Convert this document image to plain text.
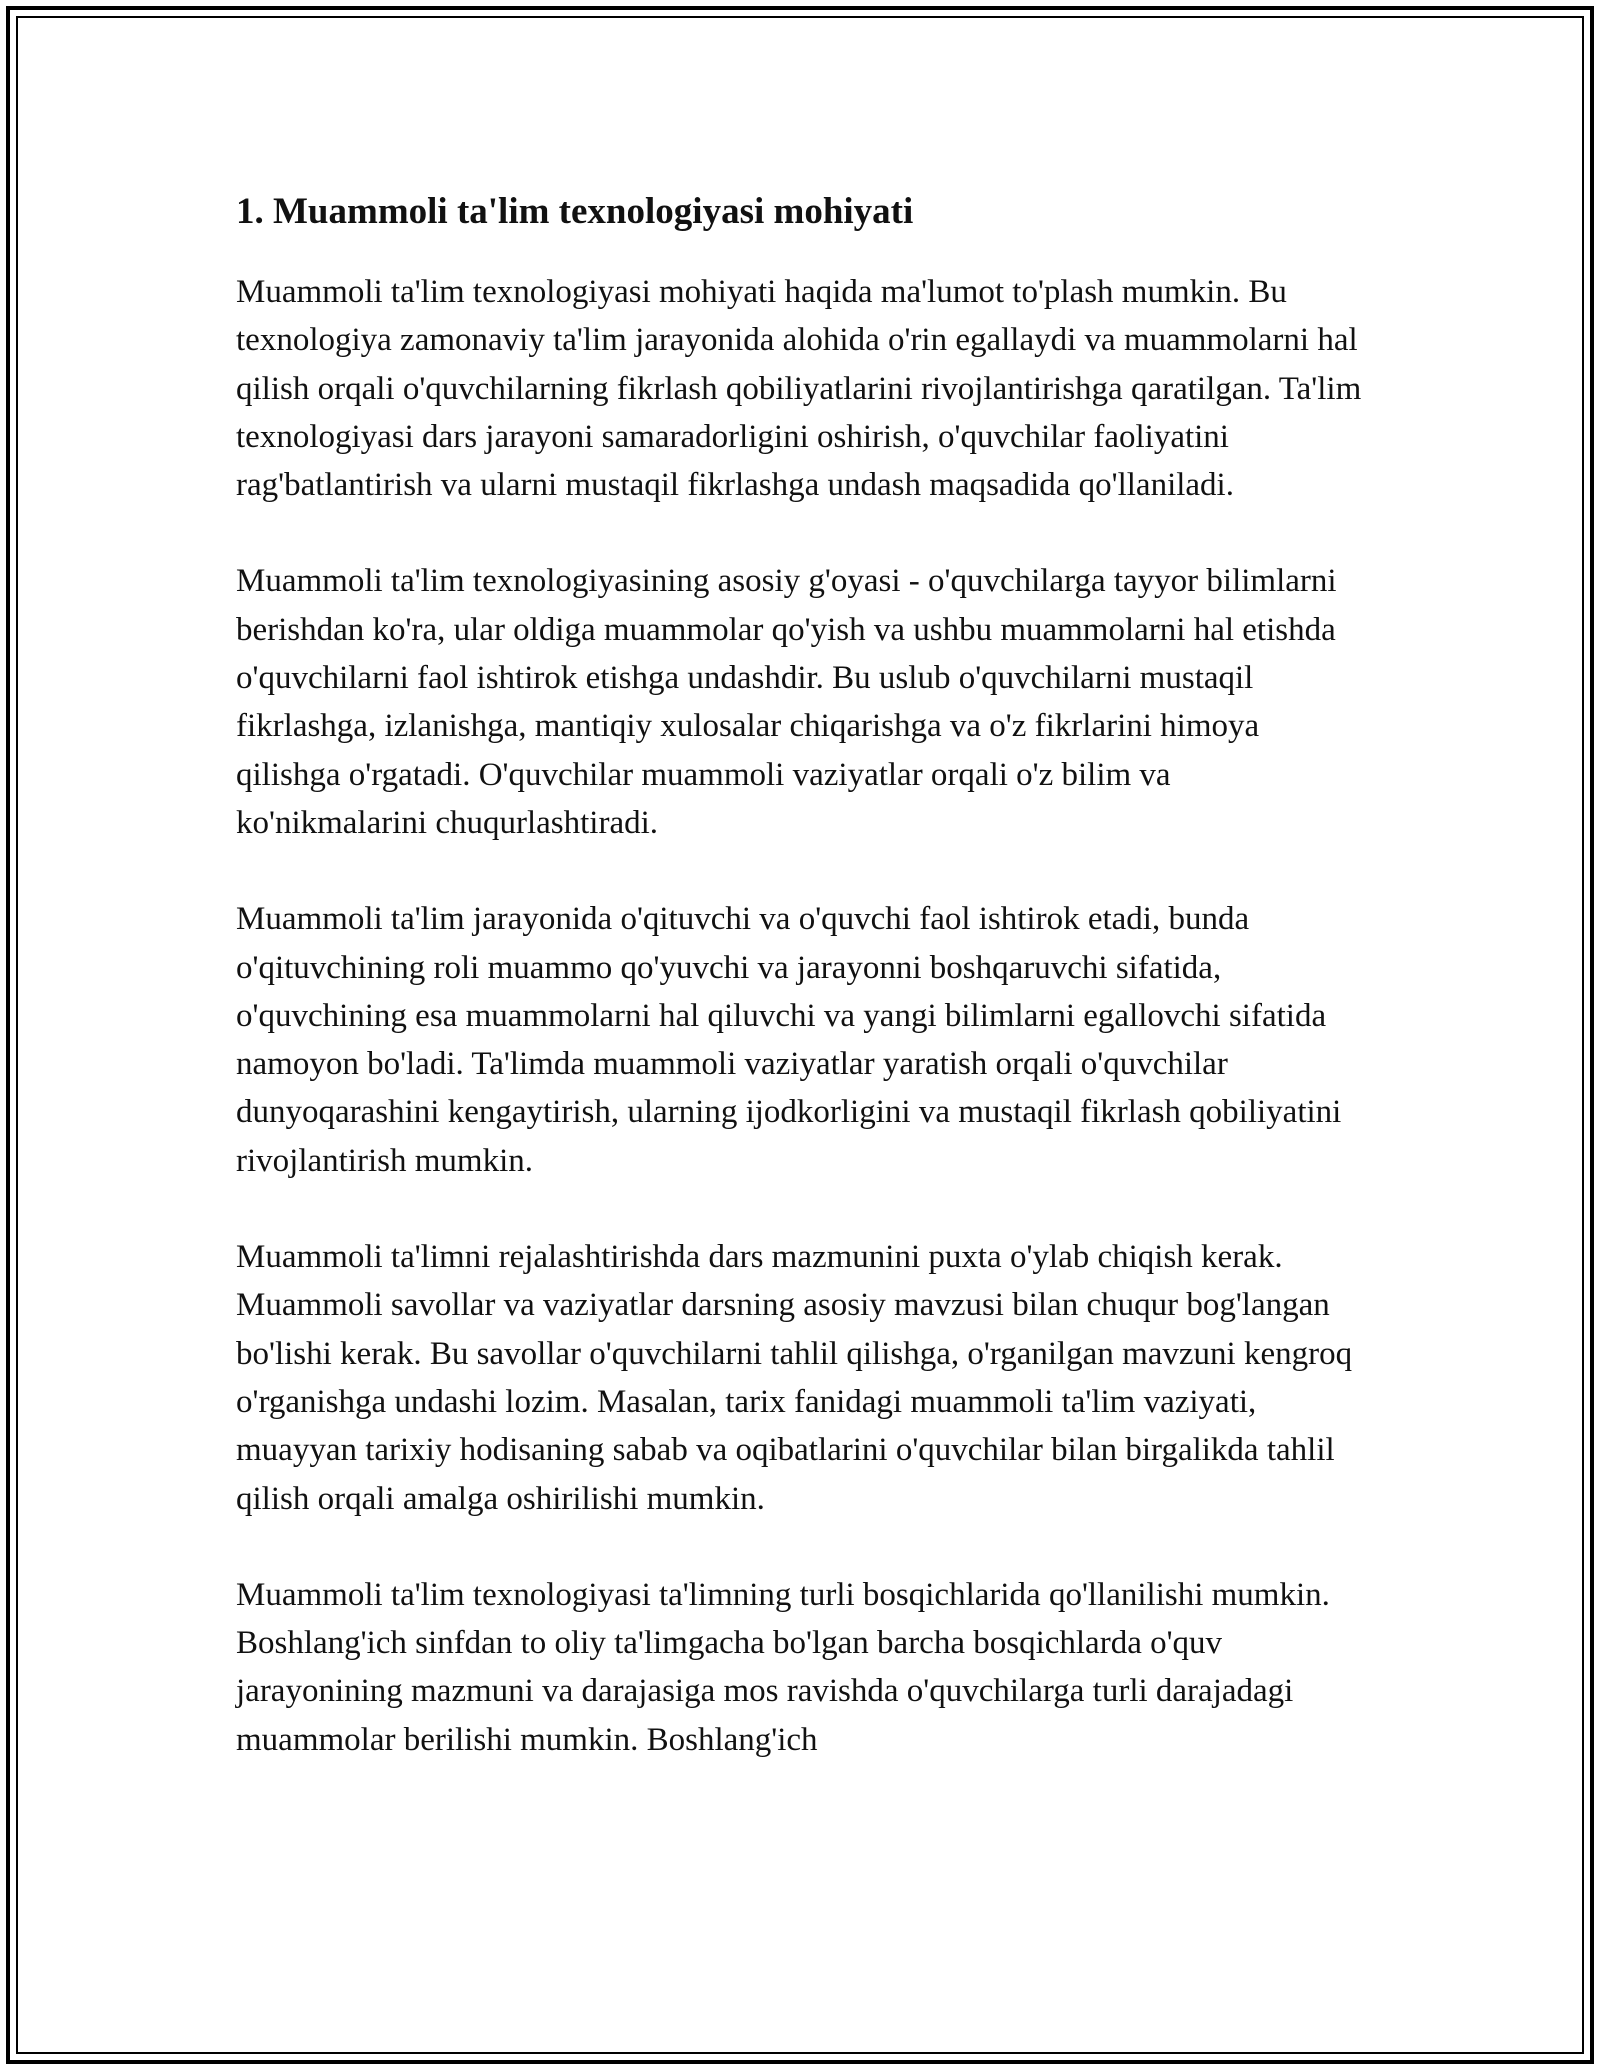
1. Muammoli ta'lim texnologiyasi mohiyati

Muammoli ta'lim texnologiyasi mohiyati haqida ma'lumot to'plash mumkin. Bu texnologiya zamonaviy ta'lim jarayonida alohida o'rin egallaydi va muammolarni hal qilish orqali o'quvchilarning fikrlash qobiliyatlarini rivojlantirishga qaratilgan. Ta'lim texnologiyasi dars jarayoni samaradorligini oshirish, o'quvchilar faoliyatini rag'batlantirish va ularni mustaqil fikrlashga undash maqsadida qo'llaniladi.

Muammoli ta'lim texnologiyasining asosiy g'oyasi - o'quvchilarga tayyor bilimlarni berishdan ko'ra, ular oldiga muammolar qo'yish va ushbu muammolarni hal etishda o'quvchilarni faol ishtirok etishga undashdir. Bu uslub o'quvchilarni mustaqil fikrlashga, izlanishga, mantiqiy xulosalar chiqarishga va o'z fikrlarini himoya qilishga o'rgatadi. O'quvchilar muammoli vaziyatlar orqali o'z bilim va ko'nikmalarini chuqurlashtiradi.

Muammoli ta'lim jarayonida o'qituvchi va o'quvchi faol ishtirok etadi, bunda o'qituvchining roli muammo qo'yuvchi va jarayonni boshqaruvchi sifatida, o'quvchining esa muammolarni hal qiluvchi va yangi bilimlarni egallovchi sifatida namoyon bo'ladi. Ta'limda muammoli vaziyatlar yaratish orqali o'quvchilar dunyoqarashini kengaytirish, ularning ijodkorligini va mustaqil fikrlash qobiliyatini rivojlantirish mumkin.

Muammoli ta'limni rejalashtirishda dars mazmunini puxta o'ylab chiqish kerak. Muammoli savollar va vaziyatlar darsning asosiy mavzusi bilan chuqur bog'langan bo'lishi kerak. Bu savollar o'quvchilarni tahlil qilishga, o'rganilgan mavzuni kengroq o'rganishga undashi lozim. Masalan, tarix fanidagi muammoli ta'lim vaziyati, muayyan tarixiy hodisaning sabab va oqibatlarini o'quvchilar bilan birgalikda tahlil qilish orqali amalga oshirilishi mumkin.

Muammoli ta'lim texnologiyasi ta'limning turli bosqichlarida qo'llanilishi mumkin. Boshlang'ich sinfdan to oliy ta'limgacha bo'lgan barcha bosqichlarda o'quv jarayonining mazmuni va darajasiga mos ravishda o'quvchilarga turli darajadagi muammolar berilishi mumkin. Boshlang'ich
